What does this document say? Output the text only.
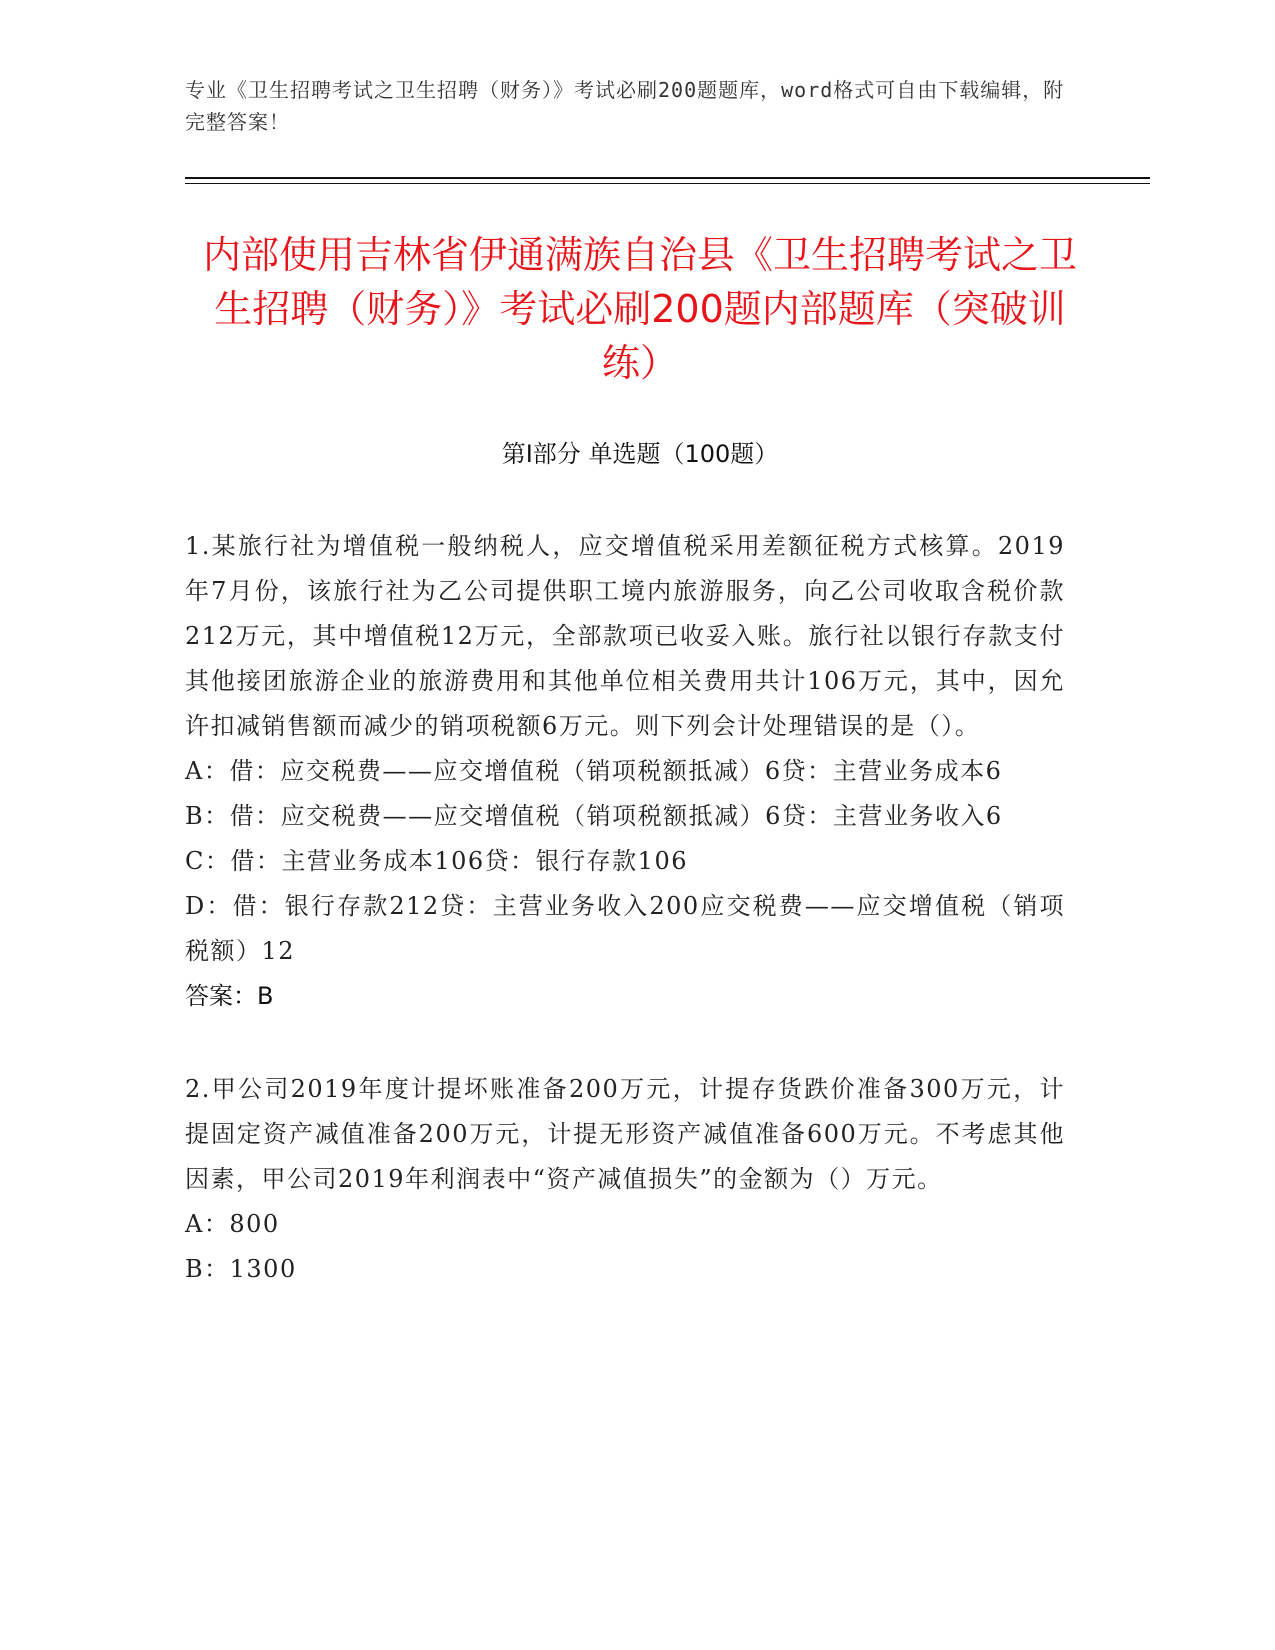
专业《卫生招聘考试之卫生招聘（财务）》考试必刷200题题库，word格式可自由下载编辑，附完整答案！
内部使用吉林省伊通满族自治县《卫生招聘考试之卫生招聘（财务）》考试必刷200题内部题库（突破训练）
第Ⅰ部分 单选题（100题）

1.某旅行社为增值税一般纳税人，应交增值税采用差额征税方式核算。2019年7月份，该旅行社为乙公司提供职工境内旅游服务，向乙公司收取含税价款212万元，其中增值税12万元，全部款项已收妥入账。旅行社以银行存款支付其他接团旅游企业的旅游费用和其他单位相关费用共计106万元，其中，因允许扣减销售额而减少的销项税额6万元。则下列会计处理错误的是（）。

A：借：应交税费——应交增值税（销项税额抵减）6贷：主营业务成本6

B：借：应交税费——应交增值税（销项税额抵减）6贷：主营业务收入6

C：借：主营业务成本106贷：银行存款106

D：借：银行存款212贷：主营业务收入200应交税费——应交增值税（销项税额）12

答案：B

2.甲公司2019年度计提坏账准备200万元，计提存货跌价准备300万元，计提固定资产减值准备200万元，计提无形资产减值准备600万元。不考虑其他因素，甲公司2019年利润表中“资产减值损失”的金额为（）万元。

A：800

B：1300
